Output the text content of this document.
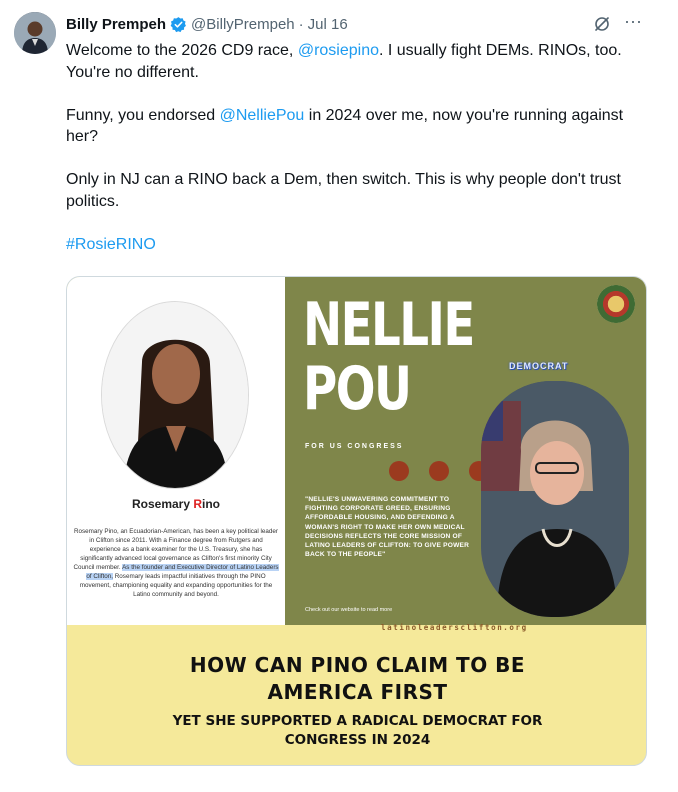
Billy Prempeh @BillyPrempeh · Jul 16	···

Welcome to the 2026 CD9 race, @rosiepino. I usually fight DEMs. RINOs, too. You're no different.

Funny, you endorsed @NelliePou in 2024 over me, now you're running against her?

Only in NJ can a RINO back a Dem, then switch. This is why people don't trust politics.

#RosieRINO

Rosemary Rino
Rosemary Pino, an Ecuadorian-American, has been a key political leader in Clifton since 2011. With a Finance degree from Rutgers and experience as a bank examiner for the U.S. Treasury, she has significantly advanced local governance as Clifton's first minority City Council member. As the founder and Executive Director of Latino Leaders of Clifton, Rosemary leads impactful initiatives through the PINO movement, championing equality and expanding opportunities for the Latino community and beyond.
NELLIE
POU
FOR US CONGRESS
DEMOCRAT
"NELLIE'S UNWAVERING COMMITMENT TO FIGHTING CORPORATE GREED, ENSURING AFFORDABLE HOUSING, AND DEFENDING A WOMAN'S RIGHT TO MAKE HER OWN MEDICAL DECISIONS REFLECTS THE CORE MISSION OF LATINO LEADERS OF CLIFTON: TO GIVE POWER BACK TO THE PEOPLE"
Check out our website to read more
latinoleadersclifton.org
HOW CAN PINO CLAIM TO BE
AMERICA FIRST
YET SHE SUPPORTED A RADICAL DEMOCRAT FOR
CONGRESS IN 2024
